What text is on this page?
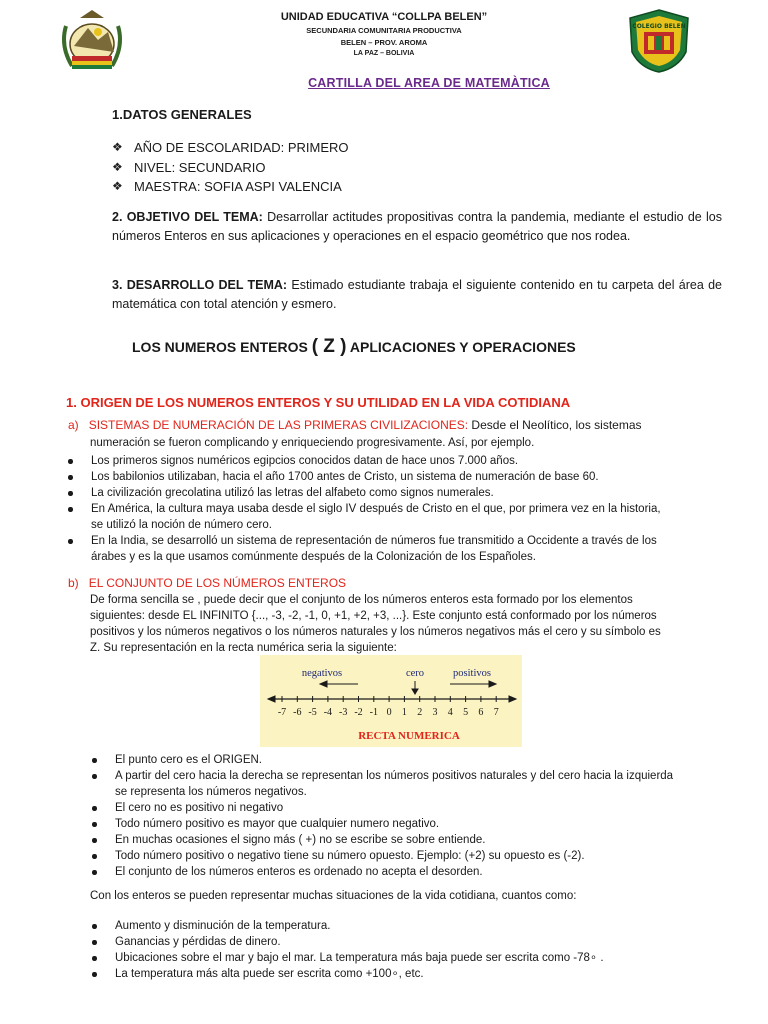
UNIDAD EDUCATIVA “COLLPA BELEN”
SECUNDARIA COMUNITARIA PRODUCTIVA
BELEN – PROV. AROMA
LA PAZ – BOLIVIA
COLEGIO BELEN
CARTILLA DEL AREA DE MATEMÀTICA
1.DATOS GENERALES
❖ AÑO DE ESCOLARIDAD: PRIMERO
❖ NIVEL: SECUNDARIO
❖ MAESTRA: SOFIA ASPI VALENCIA
2. OBJETIVO DEL TEMA: Desarrollar actitudes propositivas contra la pandemia, mediante el estudio de los números Enteros en sus aplicaciones y operaciones en el espacio geométrico que nos rodea.
3. DESARROLLO DEL TEMA: Estimado estudiante trabaja el siguiente contenido en tu carpeta del área de matemática con total atención y esmero.
LOS NUMEROS ENTEROS ( Z ) APLICACIONES Y OPERACIONES
1. ORIGEN DE LOS NUMEROS ENTEROS Y SU UTILIDAD EN LA VIDA COTIDIANA
a) SISTEMAS DE NUMERACIÓN DE LAS PRIMERAS CIVILIZACIONES: Desde el Neolítico, los sistemas
numeración se fueron complicando y enriqueciendo progresivamente. Así, por ejemplo.
Los primeros signos numéricos egipcios conocidos datan de hace unos 7.000 años.
Los babilonios utilizaban, hacia el año 1700 antes de Cristo, un sistema de numeración de base 60.
La civilización grecolatina utilizó las letras del alfabeto como signos numerales.
En América, la cultura maya usaba desde el siglo IV después de Cristo en el que, por primera vez en la historia,
se utilizó la noción de número cero.
En la India, se desarrolló un sistema de representación de números fue transmitido a Occidente a través de los
árabes y es la que usamos comúnmente después de la Colonización de los Españoles.
b) EL CONJUNTO DE LOS NÚMEROS ENTEROS
De forma sencilla se , puede decir que el conjunto de los números enteros esta formado por los elementos
siguientes: desde EL INFINITO {..., -3, -2, -1, 0, +1, +2, +3, ...}. Este conjunto está conformado por los números
positivos y los números negativos o los números naturales y los números negativos más el cero y su símbolo es
Z. Su representación en la recta numérica seria la siguiente:
negativos	cero	positivos
-7 -6 -5 -4 -3 -2 -1 0 1 2 3 4 5 6 7
RECTA NUMERICA
El punto cero es el ORIGEN.
A partir del cero hacia la derecha se representan los números positivos naturales y del cero hacia la izquierda
se representa los números negativos.
El cero no es positivo ni negativo
Todo número positivo es mayor que cualquier numero negativo.
En muchas ocasiones el signo más ( +) no se escribe se sobre entiende.
Todo número positivo o negativo tiene su número opuesto. Ejemplo: (+2) su opuesto es (-2).
El conjunto de los números enteros es ordenado no acepta el desorden.
Con los enteros se pueden representar muchas situaciones de la vida cotidiana, cuantos como:
Aumento y disminución de la temperatura.
Ganancias y pérdidas de dinero.
Ubicaciones sobre el mar y bajo el mar. La temperatura más baja puede ser escrita como -78∘ .
La temperatura más alta puede ser escrita como +100∘, etc.
